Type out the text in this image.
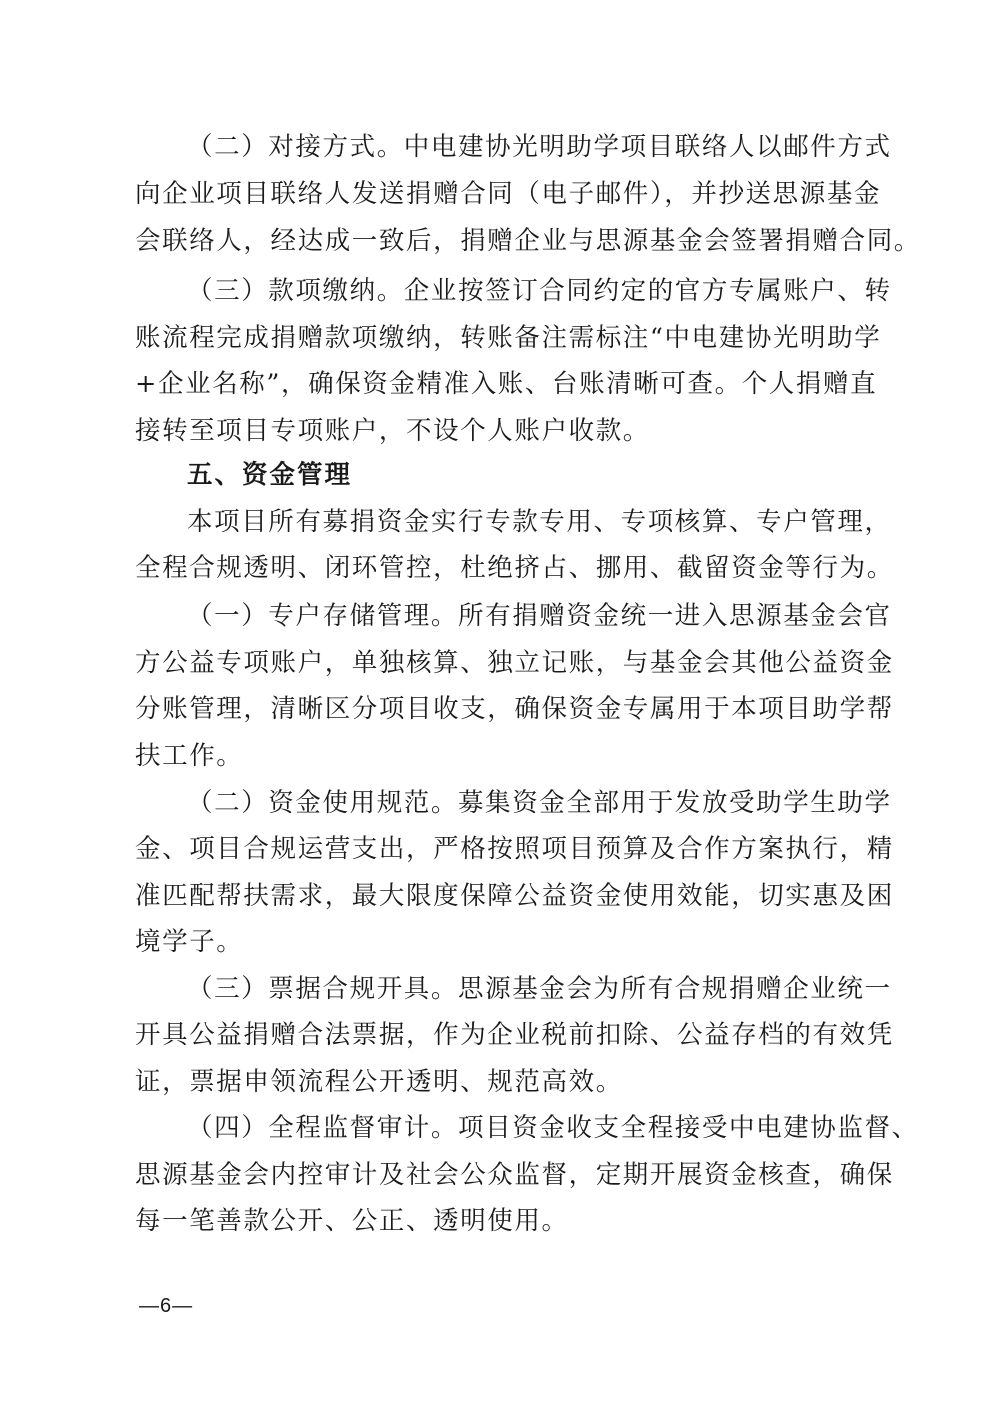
（二）对接方式。中电建协光明助学项目联络人以邮件方式
向企业项目联络人发送捐赠合同（电子邮件），并抄送思源基金
会联络人，经达成一致后，捐赠企业与思源基金会签署捐赠合同。
（三）款项缴纳。企业按签订合同约定的官方专属账户、转
账流程完成捐赠款项缴纳，转账备注需标注“中电建协光明助学
+企业名称”，确保资金精准入账、台账清晰可查。个人捐赠直
接转至项目专项账户，不设个人账户收款。
五、资金管理
本项目所有募捐资金实行专款专用、专项核算、专户管理，
全程合规透明、闭环管控，杜绝挤占、挪用、截留资金等行为。
（一）专户存储管理。所有捐赠资金统一进入思源基金会官
方公益专项账户，单独核算、独立记账，与基金会其他公益资金
分账管理，清晰区分项目收支，确保资金专属用于本项目助学帮
扶工作。
（二）资金使用规范。募集资金全部用于发放受助学生助学
金、项目合规运营支出，严格按照项目预算及合作方案执行，精
准匹配帮扶需求，最大限度保障公益资金使用效能，切实惠及困
境学子。
（三）票据合规开具。思源基金会为所有合规捐赠企业统一
开具公益捐赠合法票据，作为企业税前扣除、公益存档的有效凭
证，票据申领流程公开透明、规范高效。
（四）全程监督审计。项目资金收支全程接受中电建协监督、
思源基金会内控审计及社会公众监督，定期开展资金核查，确保
每一笔善款公开、公正、透明使用。
—6—
